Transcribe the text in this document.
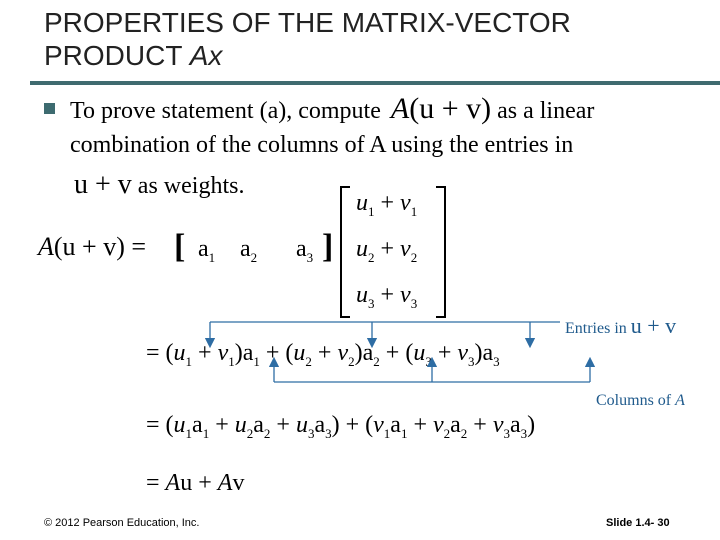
PROPERTIES OF THE MATRIX-VECTOR
PRODUCT Ax
To prove statement (a), compute A(u + v) as a linear
combination of the columns of A using the entries in
u + v as weights.
A(u + v) = [ $a_1$ $a_2$ $a_3$ ]
$u_1 + v_1$
$u_2 + v_2$
$u_3 + v_3$
Entries in u + v
= $(u_1 + v_1)a_1 + (u_2 + v_2)a_2 + (u_3 + v_3)a_3$
Columns of A
= $(u_1a_1 + u_2a_2 + u_3a_3) + (v_1a_1 + v_2a_2 + v_3a_3)$
= Au + Av
© 2012 Pearson Education, Inc.	Slide 1.4- 30
